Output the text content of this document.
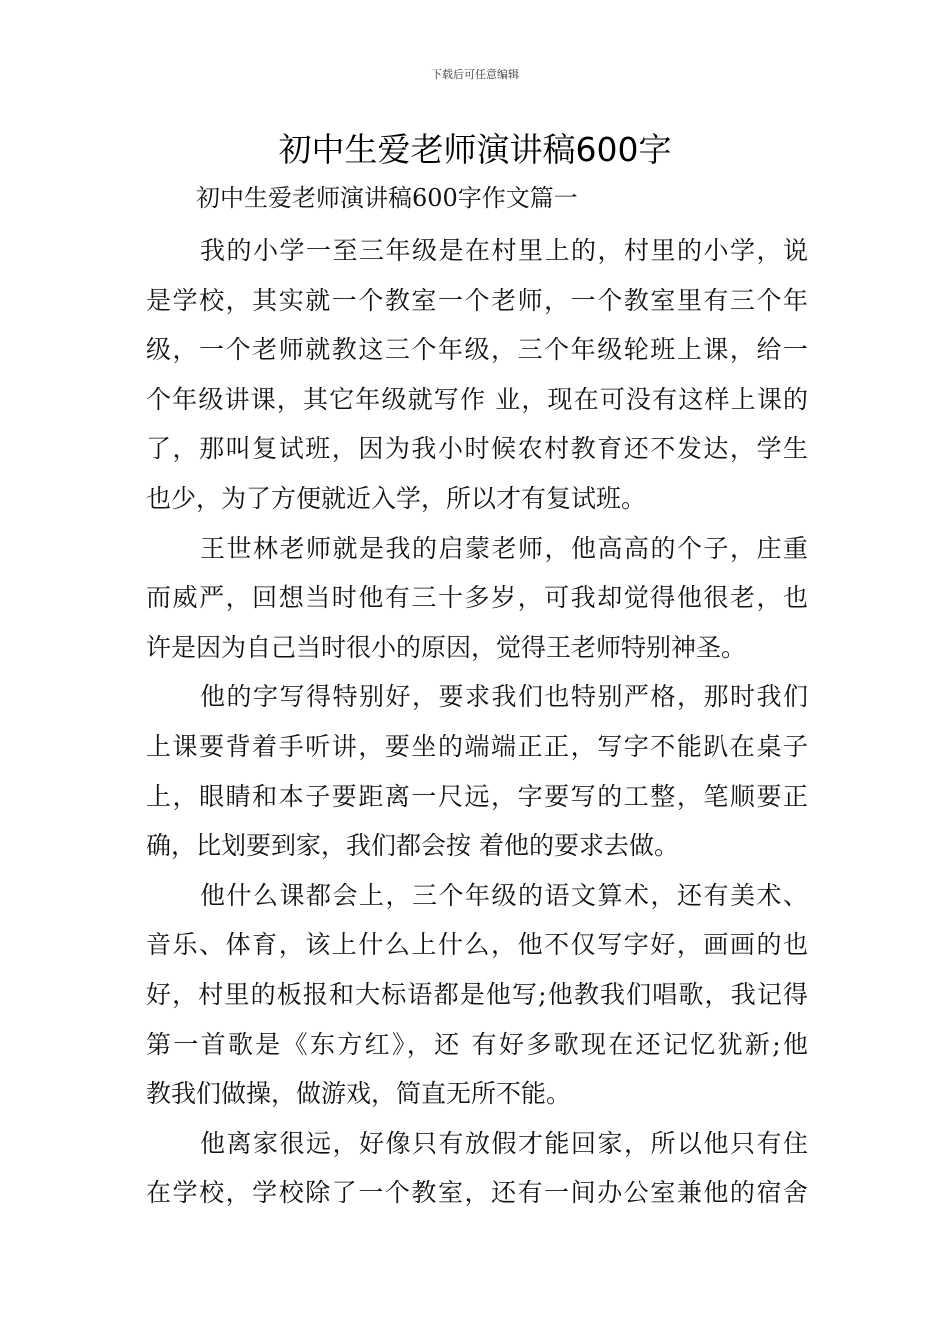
下载后可任意编辑
初中生爱老师演讲稿600字
初中生爱老师演讲稿600字作文篇一

我的小学一至三年级是在村里上的，村里的小学，说
是学校，其实就一个教室一个老师，一个教室里有三个年
级，一个老师就教这三个年级，三个年级轮班上课，给一
个年级讲课，其它年级就写作 业，现在可没有这样上课的
了，那叫复试班，因为我小时候农村教育还不发达，学生
也少，为了方便就近入学，所以才有复试班。

王世林老师就是我的启蒙老师，他高高的个子，庄重
而威严，回想当时他有三十多岁，可我却觉得他很老，也
许是因为自己当时很小的原因，觉得王老师特别神圣。

他的字写得特别好，要求我们也特别严格，那时我们
上课要背着手听讲，要坐的端端正正，写字不能趴在桌子
上，眼睛和本子要距离一尺远，字要写的工整，笔顺要正
确，比划要到家，我们都会按 着他的要求去做。

他什么课都会上，三个年级的语文算术，还有美术、
音乐、体育，该上什么上什么，他不仅写字好，画画的也
好，村里的板报和大标语都是他写;他教我们唱歌，我记得
第一首歌是《东方红》，还 有好多歌现在还记忆犹新;他
教我们做操，做游戏，简直无所不能。

他离家很远，好像只有放假才能回家，所以他只有住
在学校，学校除了一个教室，还有一间办公室兼他的宿舍
